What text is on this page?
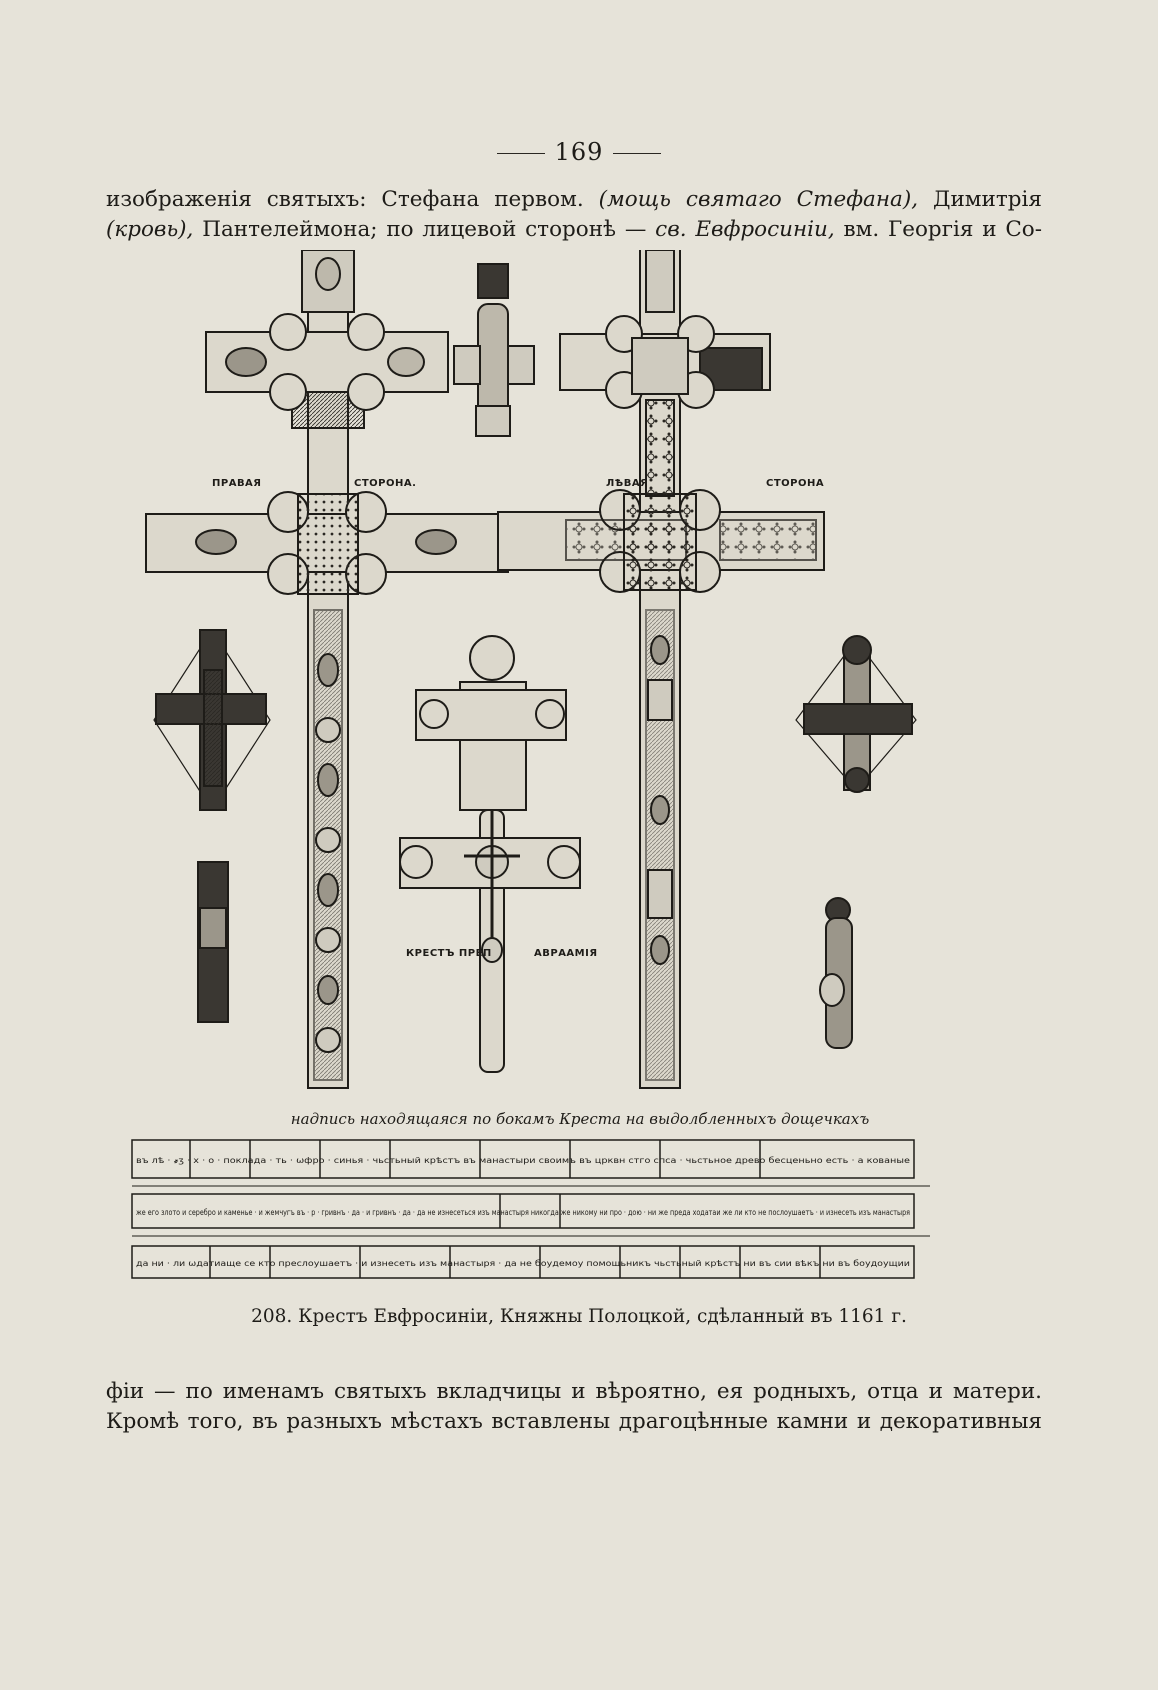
169
изображенія святыхъ: Стефана первом. (мощь святаго Стефана), Димитрія
(кровь), Пантелеймона; по лицевой сторонѣ — св. Евфросиніи, вм. Георгія и Со-
ПРАВАЯ	СТОРОНА.	ЛѢВАЯ	СТОРОНА
КРЕСТЪ ПРЕП	АВРААМІЯ
надпись находящаяся по бокамъ Креста на выдолбленныхъ дощечкахъ
въ лѣ · ҂ӡ · х · о · поклада · ть · ѡфро · синья · чьстьный крѣстъ въ манастыри своимъ въ црквн стго спса · чьстьное древо бесценьно есть · а кованые
же его злото и серебро и каменье · и жемчугъ въ · р · гривнъ · да · и гривнъ · да · да не изнесеться изъ манастыря никогда же никому ни про · дою · ни же преда ходатаи же ли кто не послоушаетъ · и изнесеть изъ манастыря
да ни · ли ѡдатиаще се кто преслоушаетъ · и изнесеть изъ манастыря · да не боудемоу помощьникъ чьстьный крѣстъ ни въ сии вѣкъ ни въ боудоущии
208. Крестъ Евфросиніи, Княжны Полоцкой, сдѣланный въ 1161 г.
фіи — по именамъ святыхъ вкладчицы и вѣроятно, ея родныхъ, отца и матери.
Кромѣ того, въ разныхъ мѣстахъ вставлены драгоцѣнные камни и декоративныя
